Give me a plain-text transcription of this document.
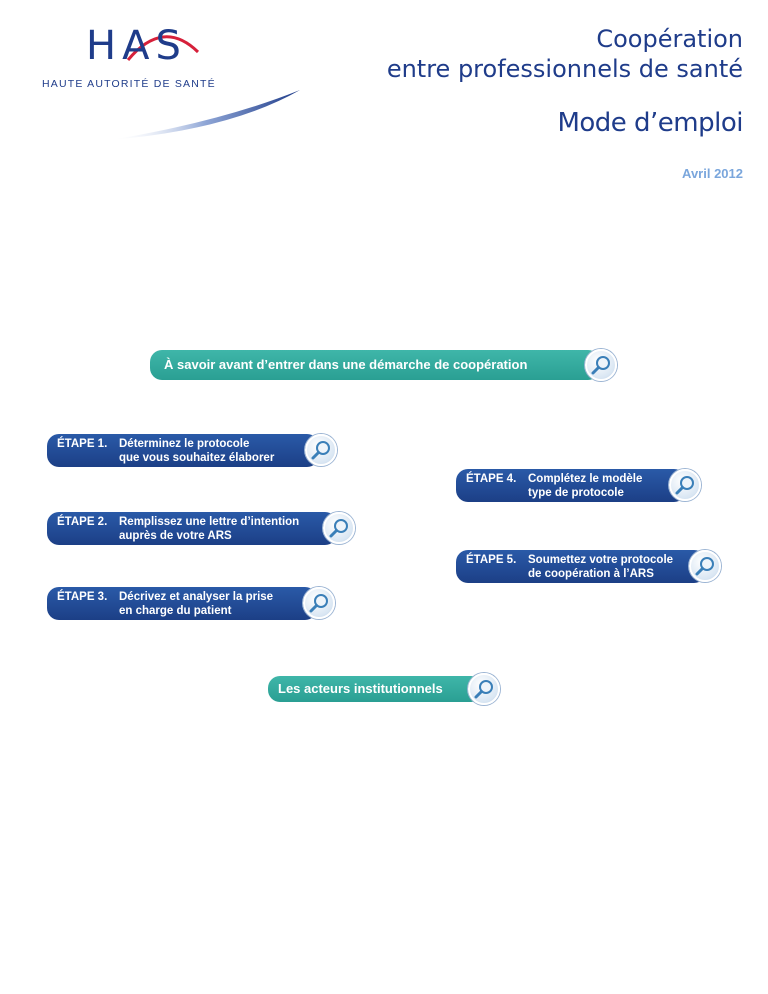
HAS
HAUTE AUTORITÉ DE SANTÉ
Coopération
entre professionnels de santé
Mode d’emploi
Avril 2012
À savoir avant d’entrer dans une démarche de coopération
ÉTAPE 1.	Déterminez le protocole
que vous souhaitez élaborer
ÉTAPE 4.	Complétez le modèle
type de protocole
ÉTAPE 2.	Remplissez une lettre d’intention
auprès de votre ARS
ÉTAPE 5.	Soumettez votre protocole
de coopération à l’ARS
ÉTAPE 3.	Décrivez et analyser la prise
en charge du patient
Les acteurs institutionnels
